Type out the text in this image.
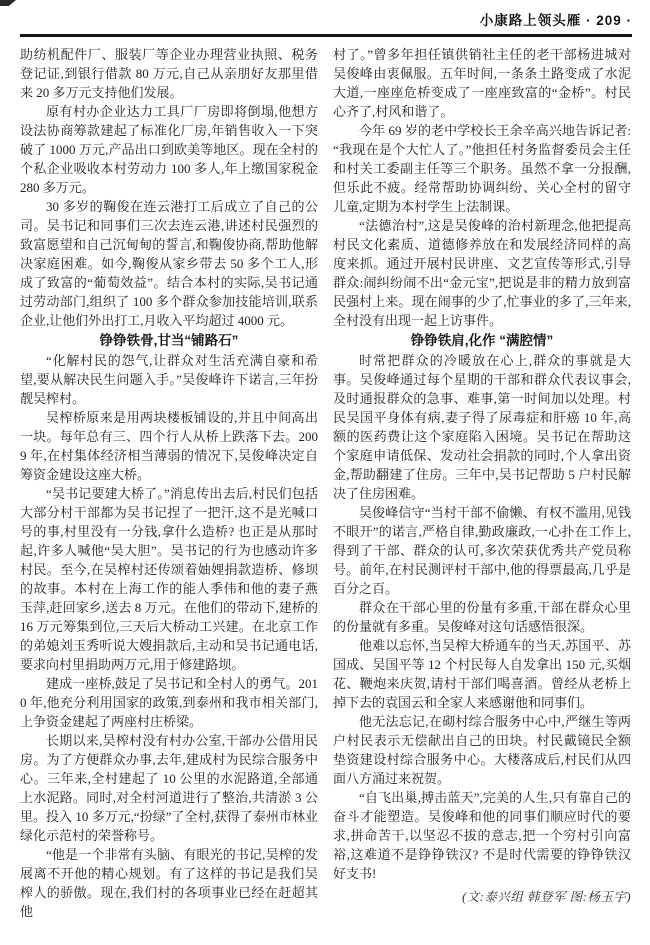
小康路上领头雁 · 209 ·

助纺机配件厂、服装厂等企业办理营业执照、税务登记证,到银行借款 80 万元,自己从亲朋好友那里借来 20 多万元支持他们发展。

原有村办企业达力工具厂厂房即将倒塌,他想方设法协商筹款建起了标准化厂房,年销售收入一下突破了 1000 万元,产品出口到欧美等地区。现在全村的个私企业吸收本村劳动力 100 多人,年上缴国家税金 280 多万元。

30 多岁的鞠俊在连云港打工后成立了自己的公司。吴书记和同事们三次去连云港,讲述村民强烈的致富愿望和自己沉甸甸的誓言,和鞠俊协商,帮助他解决家庭困难。如今,鞠俊从家乡带去 50 多个工人,形成了致富的“葡萄效益”。结合本村的实际,吴书记通过劳动部门,组织了 100 多个群众参加技能培训,联系企业,让他们外出打工,月收入平均超过 4000 元。

铮铮铁骨,甘当“铺路石”

“化解村民的怨气,让群众对生活充满自豪和希望,要从解决民生问题入手。”吴俊峰许下诺言,三年扮靓吴榨村。

吴榨桥原来是用两块楼板铺设的,并且中间高出一块。每年总有三、四个行人从桥上跌落下去。2009 年,在村集体经济相当薄弱的情况下,吴俊峰决定自筹资金建设这座大桥。

“吴书记要建大桥了。”消息传出去后,村民们包括大部分村干部都为吴书记捏了一把汗,这不是光喊口号的事,村里没有一分钱,拿什么造桥? 也正是从那时起,许多人喊他“吴大胆”。吴书记的行为也感动许多村民。至今,在吴榨村还传颂着妯娌捐款造桥、修坝的故事。本村在上海工作的能人季伟和他的妻子燕玉萍,赶回家乡,送去 8 万元。在他们的带动下,建桥的 16 万元筹集到位,三天后大桥动工兴建。在北京工作的弟媳刘玉秀听说大嫂捐款后,主动和吴书记通电话,要求向村里捐助两万元,用于修建路坝。

建成一座桥,鼓足了吴书记和全村人的勇气。2010 年,他充分利用国家的政策,到泰州和我市相关部门,上争资金建起了两座村庄桥梁。

长期以来,吴榨村没有村办公室,干部办公借用民房。为了方便群众办事,去年,建成村为民综合服务中心。三年来,全村建起了 10 公里的水泥路道,全部通上水泥路。同时,对全村河道进行了整治,共清淤 3 公里。投入 10 多万元,“扮绿”了全村,获得了泰州市林业绿化示范村的荣誉称号。

“他是一个非常有头脑、有眼光的书记,吴榨的发展离不开他的精心规划。有了这样的书记是我们吴榨人的骄傲。现在,我们村的各项事业已经在赶超其他

村了。”曾多年担任镇供销社主任的老干部杨进城对吴俊峰由衷佩服。五年时间,一条条土路变成了水泥大道,一座座危桥变成了一座座致富的“金桥”。村民心齐了,村风和谐了。

今年 69 岁的老中学校长王余辛高兴地告诉记者:“我现在是个大忙人了。”他担任村务监督委员会主任和村关工委副主任等三个职务。虽然不拿一分报酬,但乐此不疲。经常帮助协调纠纷、关心全村的留守儿童,定期为本村学生上法制课。

“法德治村”,这是吴俊峰的治村新理念,他把提高村民文化素质、道德修养放在和发展经济同样的高度来抓。通过开展村民讲座、文艺宣传等形式,引导群众:闹纠纷闹不出“金元宝”,把说是非的精力放到富民强村上来。现在闹事的少了,忙事业的多了,三年来,全村没有出现一起上访事件。

铮铮铁肩,化作 “满腔情”

时常把群众的冷暖放在心上,群众的事就是大事。吴俊峰通过每个星期的干部和群众代表议事会,及时通报群众的急事、难事,第一时间加以处理。村民吴国平身体有病,妻子得了尿毒症和肝癌 10 年,高额的医药费让这个家庭陷入困境。吴书记在帮助这个家庭申请低保、发动社会捐款的同时,个人拿出资金,帮助翻建了住房。三年中,吴书记帮助 5 户村民解决了住房困难。

吴俊峰信守“当村干部不偷懒、有权不滥用,见钱不眼开”的诺言,严格自律,勤政廉政,一心扑在工作上,得到了干部、群众的认可,多次荣获优秀共产党员称号。前年,在村民测评村干部中,他的得票最高,几乎是百分之百。

群众在干部心里的份量有多重,干部在群众心里的份量就有多重。吴俊峰对这句话感悟很深。

他难以忘怀,当吴榨大桥通车的当天,苏国平、苏国成、吴国平等 12 个村民每人自发拿出 150 元,买烟花、鞭炮来庆贺,请村干部们喝喜酒。曾经从老桥上掉下去的袁国云和全家人来感谢他和同事们。

他无法忘记,在砌村综合服务中心中,严继生等两户村民表示无偿献出自己的田块。村民戴镜民全额垫资建设村综合服务中心。大楼落成后,村民们从四面八方涌过来祝贺。

“自飞出巢,搏击蓝天”,完美的人生,只有靠自己的奋斗才能塑造。吴俊峰和他的同事们顺应时代的要求,拼命苦干,以坚忍不拔的意志,把一个穷村引向富裕,这难道不是铮铮铁汉? 不是时代需要的铮铮铁汉好支书!

(文:泰兴组 韩登军 图:杨玉宇)
